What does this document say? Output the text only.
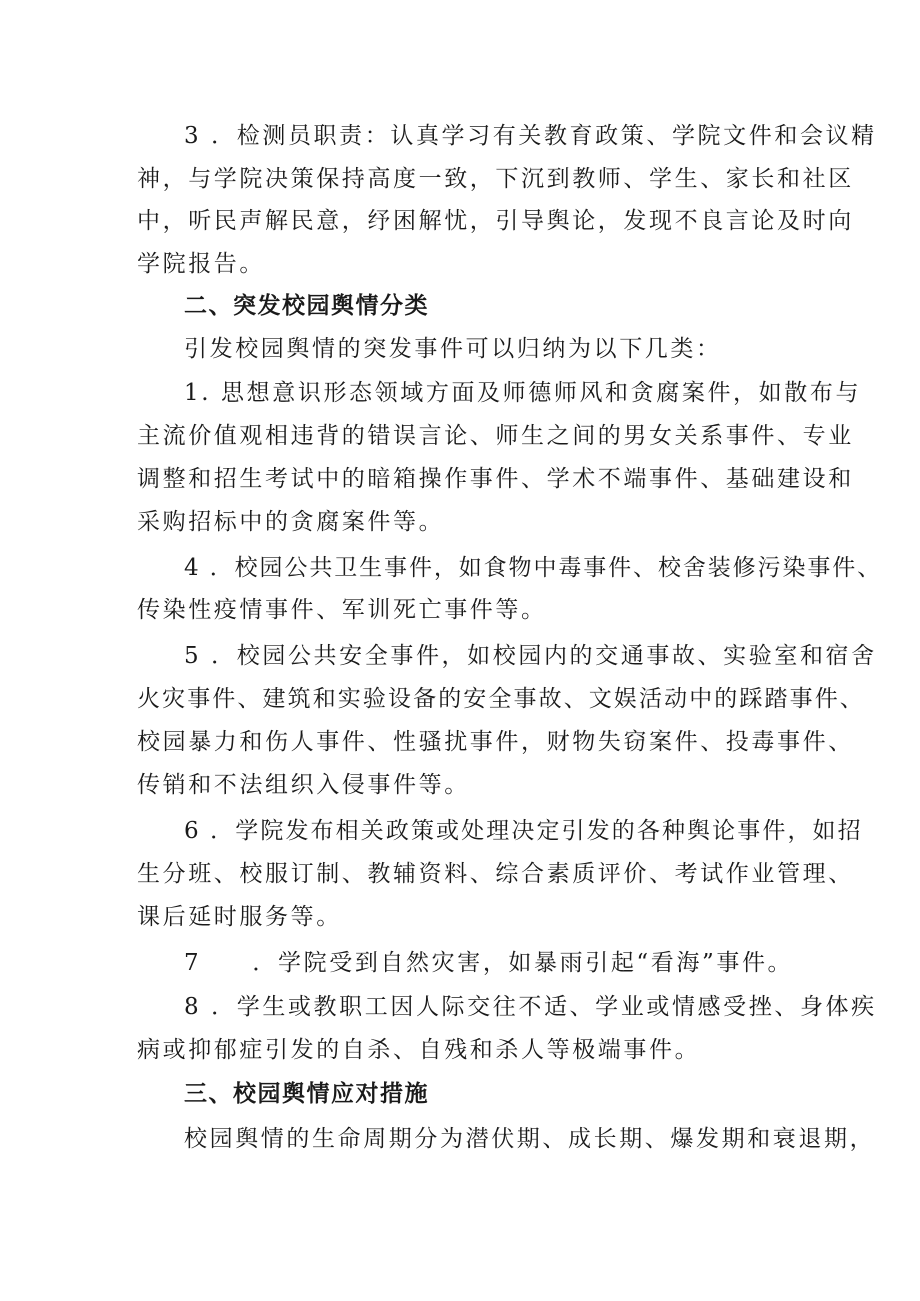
3 ．检测员职责：认真学习有关教育政策、学院文件和会议精
神，与学院决策保持高度一致，下沉到教师、学生、家长和社区
中，听民声解民意，纾困解忧，引导舆论，发现不良言论及时向
学院报告。
二、突发校园舆情分类
引发校园舆情的突发事件可以归纳为以下几类：
1. 思想意识形态领域方面及师德师风和贪腐案件，如散布与
主流价值观相违背的错误言论、师生之间的男女关系事件、专业
调整和招生考试中的暗箱操作事件、学术不端事件、基础建设和
采购招标中的贪腐案件等。
4 ．校园公共卫生事件，如食物中毒事件、校舍装修污染事件、
传染性疫情事件、军训死亡事件等。
5 ．校园公共安全事件，如校园内的交通事故、实验室和宿舍
火灾事件、建筑和实验设备的安全事故、文娱活动中的踩踏事件、
校园暴力和伤人事件、性骚扰事件，财物失窃案件、投毒事件、
传销和不法组织入侵事件等。
6 ．学院发布相关政策或处理决定引发的各种舆论事件，如招
生分班、校服订制、教辅资料、综合素质评价、考试作业管理、
课后延时服务等。
7　　．学院受到自然灾害，如暴雨引起“看海”事件。
8 ．学生或教职工因人际交往不适、学业或情感受挫、身体疾
病或抑郁症引发的自杀、自残和杀人等极端事件。
三、校园舆情应对措施
校园舆情的生命周期分为潜伏期、成长期、爆发期和衰退期，
